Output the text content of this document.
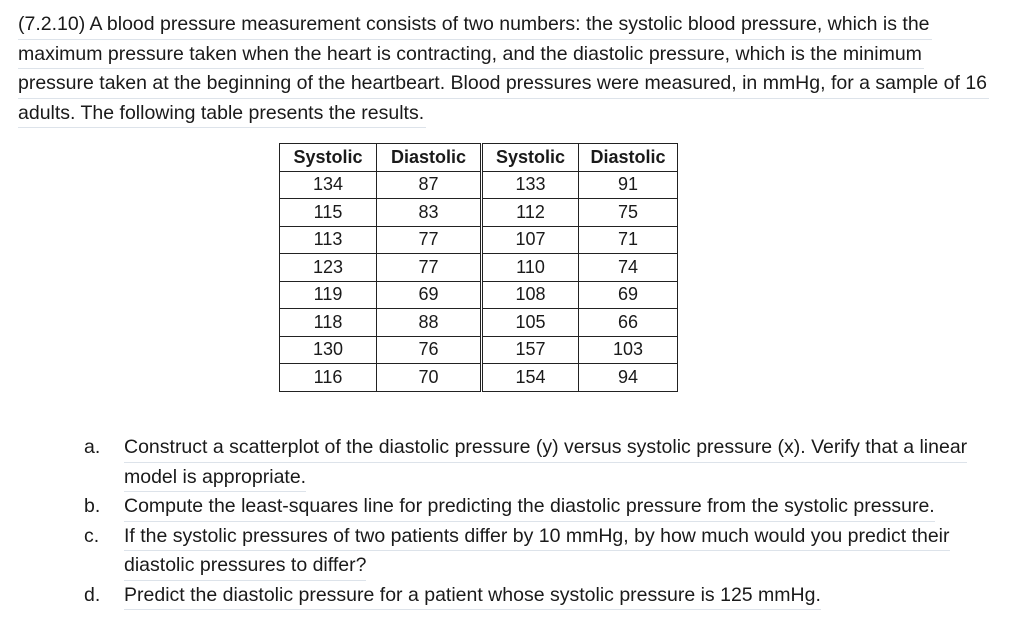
(7.2.10) A blood pressure measurement consists of two numbers: the systolic blood pressure, which is the
maximum pressure taken when the heart is contracting, and the diastolic pressure, which is the minimum
pressure taken at the beginning of the heartbeart. Blood pressures were measured, in mmHg, for a sample of 16
adults. The following table presents the results.
Systolic	Diastolic	Systolic	Diastolic
134	87	133	91
115	83	112	75
113	77	107	71
123	77	110	74
119	69	108	69
118	88	105	66
130	76	157	103
116	70	154	94
a.	Construct a scatterplot of the diastolic pressure (y) versus systolic pressure (x). Verify that a linear
model is appropriate.
b.	Compute the least-squares line for predicting the diastolic pressure from the systolic pressure.
c.	If the systolic pressures of two patients differ by 10 mmHg, by how much would you predict their
diastolic pressures to differ?
d.	Predict the diastolic pressure for a patient whose systolic pressure is 125 mmHg.
